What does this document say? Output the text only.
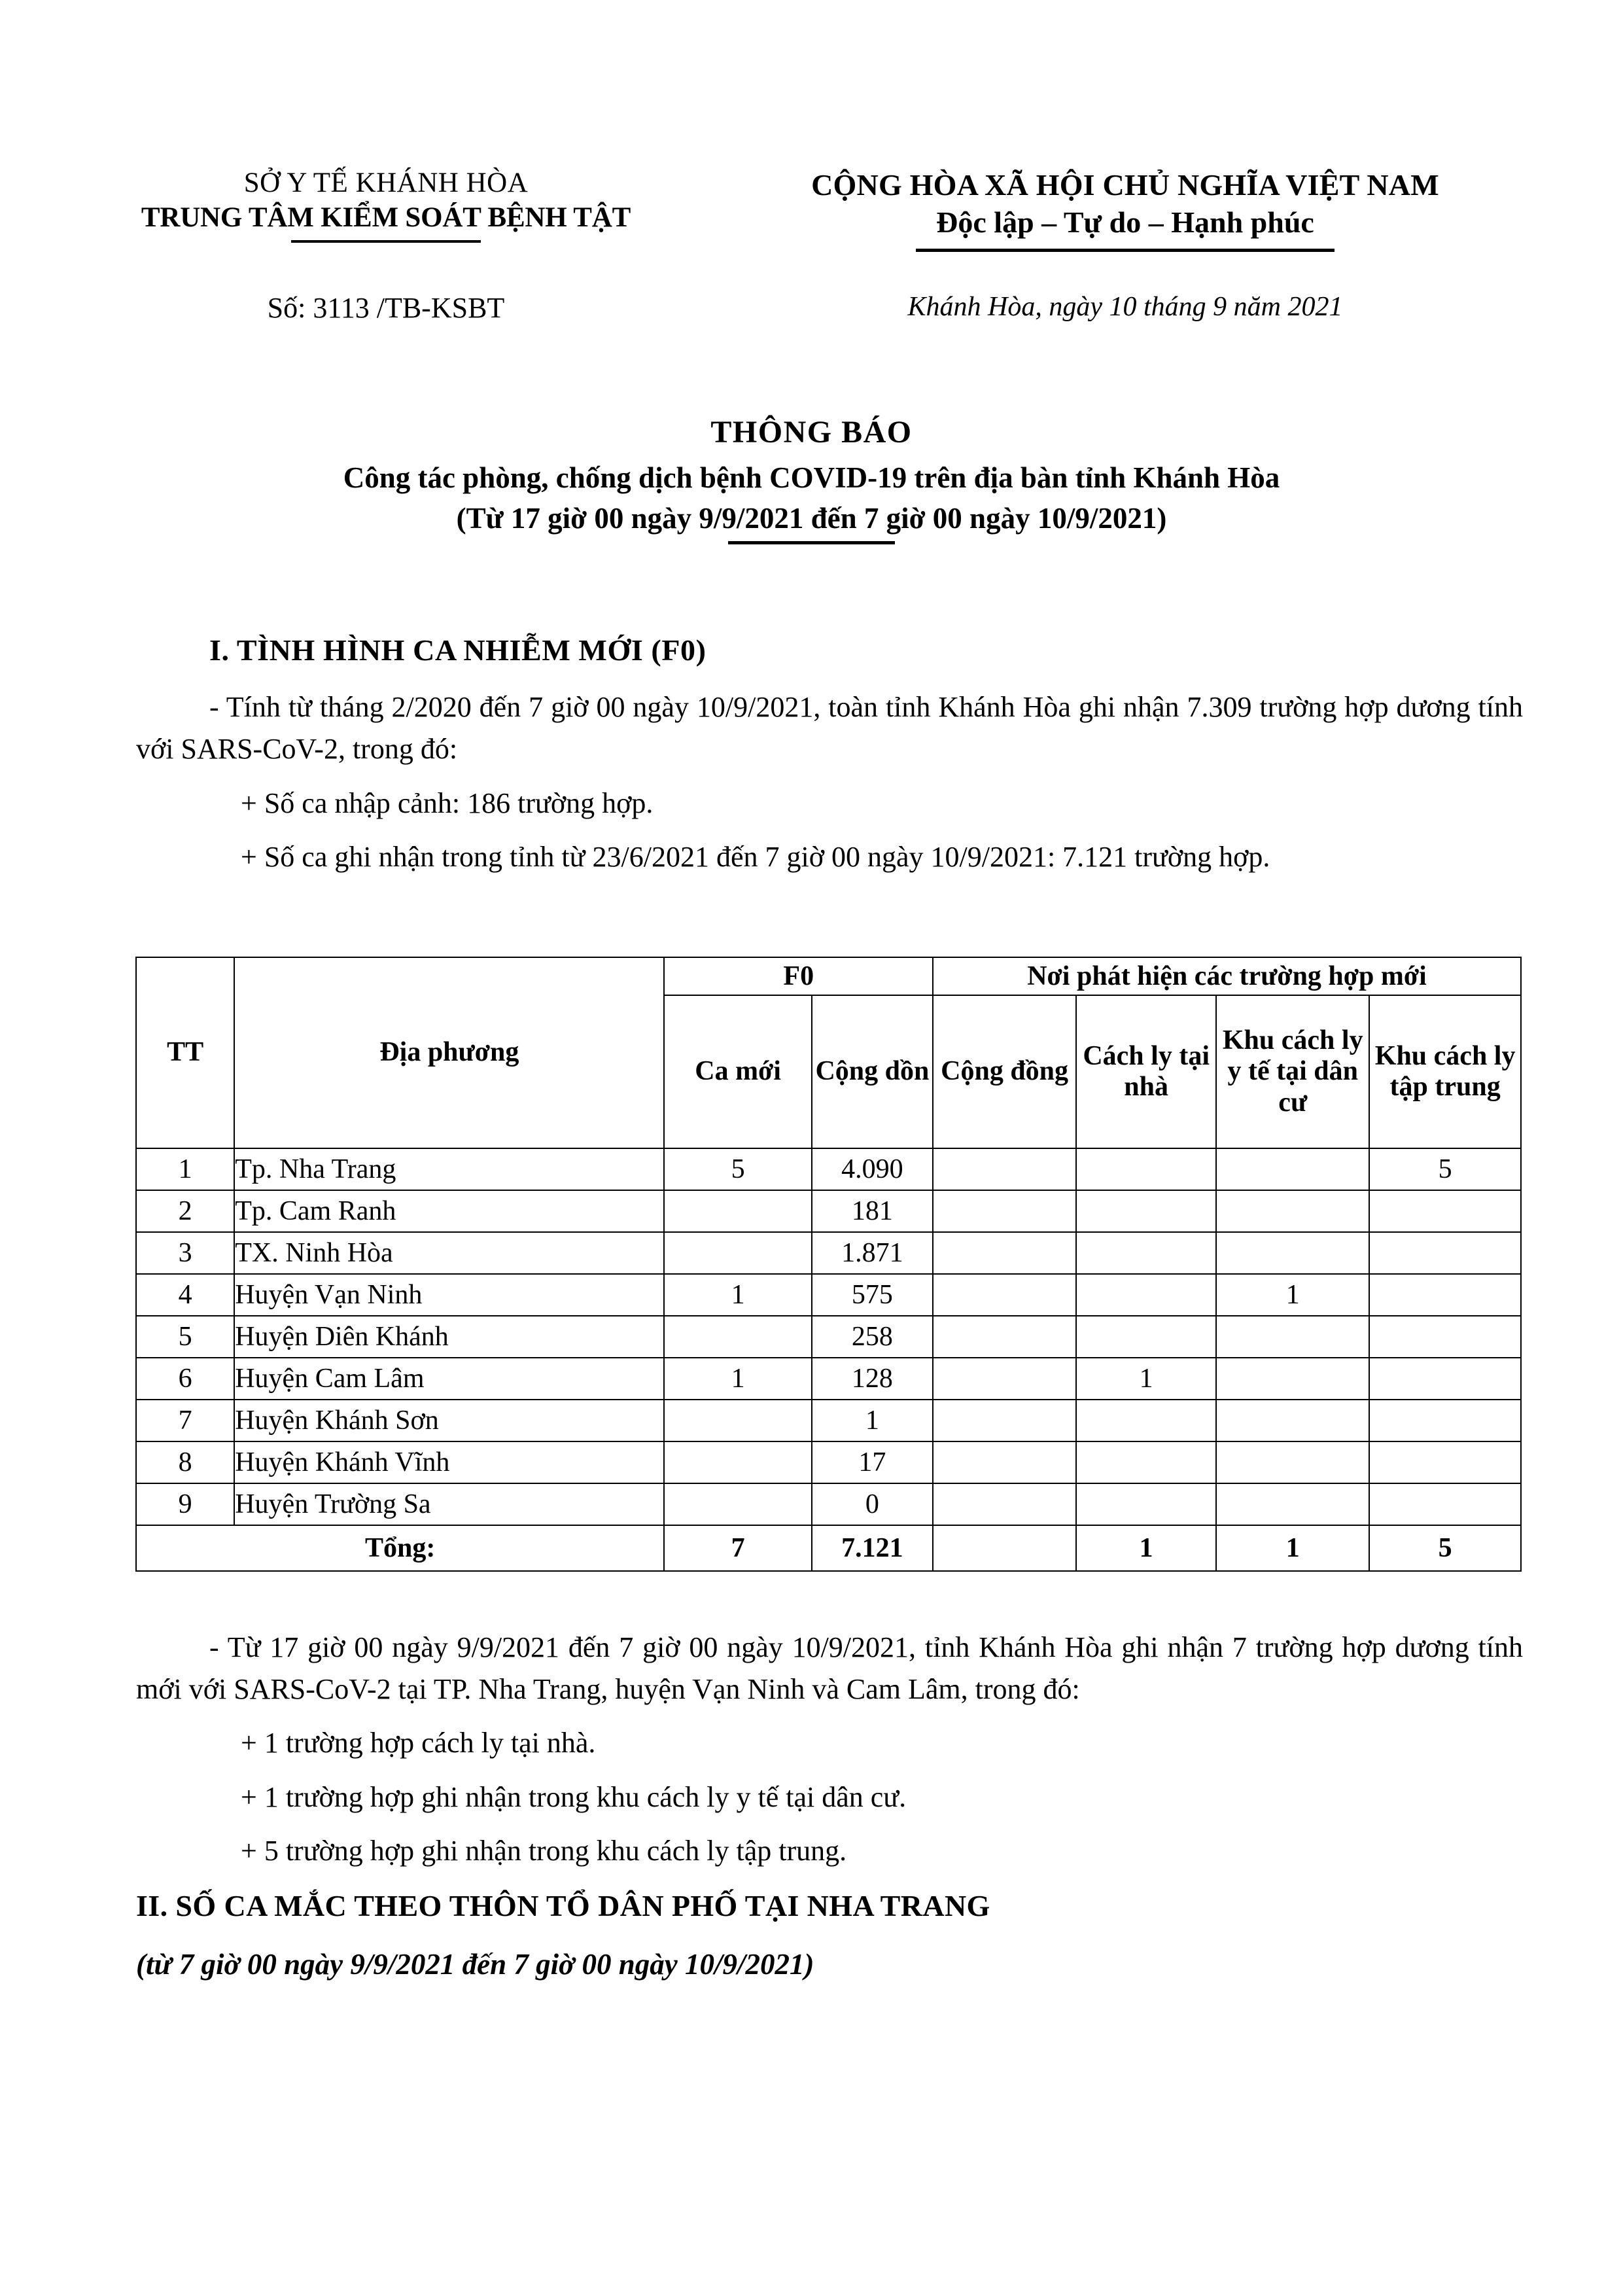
SỞ Y TẾ KHÁNH HÒA
TRUNG TÂM KIỂM SOÁT BỆNH TẬT
CỘNG HÒA XÃ HỘI CHỦ NGHĨA VIỆT NAM
Độc lập – Tự do – Hạnh phúc
Số: 3113 /TB-KSBT	Khánh Hòa, ngày 10 tháng 9 năm 2021
THÔNG BÁO
Công tác phòng, chống dịch bệnh COVID-19 trên địa bàn tỉnh Khánh Hòa
(Từ 17 giờ 00 ngày 9/9/2021 đến 7 giờ 00 ngày 10/9/2021)
I. TÌNH HÌNH CA NHIỄM MỚI (F0)
- Tính từ tháng 2/2020 đến 7 giờ 00 ngày 10/9/2021, toàn tỉnh Khánh Hòa ghi nhận 7.309 trường hợp dương tính với SARS-CoV-2, trong đó:
+ Số ca nhập cảnh: 186 trường hợp.
+ Số ca ghi nhận trong tỉnh từ 23/6/2021 đến 7 giờ 00 ngày 10/9/2021: 7.121 trường hợp.
TT	Địa phương	F0		Nơi phát hiện các trường hợp mới			
		Ca mới	Cộng dồn	Cộng đồng	Cách ly tại nhà	Khu cách ly y tế tại dân cư	Khu cách ly tập trung
1	Tp. Nha Trang	5	4.090				5
2	Tp. Cam Ranh		181				
3	TX. Ninh Hòa		1.871				
4	Huyện Vạn Ninh	1	575			1	
5	Huyện Diên Khánh		258				
6	Huyện Cam Lâm	1	128		1		
7	Huyện Khánh Sơn		1				
8	Huyện Khánh Vĩnh		17				
9	Huyện Trường Sa		0				
Tổng:		7	7.121		1	1	5
- Từ 17 giờ 00 ngày 9/9/2021 đến 7 giờ 00 ngày 10/9/2021, tỉnh Khánh Hòa ghi nhận 7 trường hợp dương tính mới với SARS-CoV-2 tại TP. Nha Trang, huyện Vạn Ninh và Cam Lâm, trong đó:
+ 1 trường hợp cách ly tại nhà.
+ 1 trường hợp ghi nhận trong khu cách ly y tế tại dân cư.
+ 5 trường hợp ghi nhận trong khu cách ly tập trung.
II. SỐ CA MẮC THEO THÔN TỔ DÂN PHỐ TẠI NHA TRANG
(từ 7 giờ 00 ngày 9/9/2021 đến 7 giờ 00 ngày 10/9/2021)
